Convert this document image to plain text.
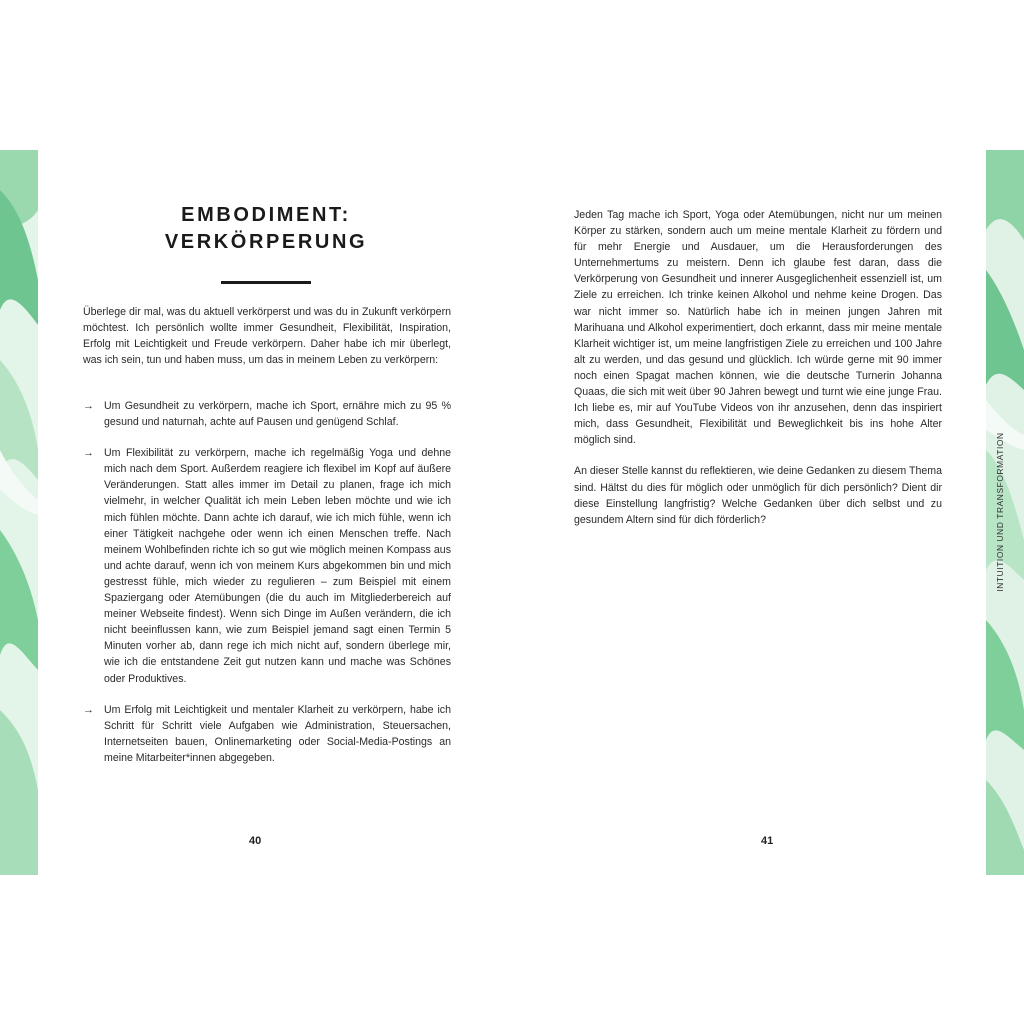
EMBODIMENT:
VERKÖRPERUNG

Überlege dir mal, was du aktuell verkörperst und was du in Zukunft verkörpern möchtest. Ich persönlich wollte immer Gesundheit, Flexibilität, Inspiration, Erfolg mit Leichtigkeit und Freude verkörpern. Daher habe ich mir überlegt, was ich sein, tun und haben muss, um das in meinem Leben zu verkörpern:

→ Um Gesundheit zu verkörpern, mache ich Sport, ernähre mich zu 95 % gesund und naturnah, achte auf Pausen und genügend Schlaf.
→ Um Flexibilität zu verkörpern, mache ich regelmäßig Yoga und dehne mich nach dem Sport. Außerdem reagiere ich flexibel im Kopf auf äußere Veränderungen. Statt alles immer im Detail zu planen, frage ich mich vielmehr, in welcher Qualität ich mein Leben leben möchte und wie ich mich fühlen möchte. Dann achte ich darauf, wie ich mich fühle, wenn ich einer Tätigkeit nachgehe oder wenn ich einen Menschen treffe. Nach meinem Wohlbefinden richte ich so gut wie möglich meinen Kompass aus und achte darauf, wenn ich von meinem Kurs abgekommen bin und mich gestresst fühle, mich wieder zu regulieren – zum Beispiel mit einem Spaziergang oder Atemübungen (die du auch im Mitgliederbereich auf meiner Webseite findest). Wenn sich Dinge im Außen verändern, die ich nicht beeinflussen kann, wie zum Beispiel jemand sagt einen Termin 5 Minuten vorher ab, dann rege ich mich nicht auf, sondern überlege mir, wie ich die entstandene Zeit gut nutzen kann und mache was Schönes oder Produktives.
→ Um Erfolg mit Leichtigkeit und mentaler Klarheit zu verkörpern, habe ich Schritt für Schritt viele Aufgaben wie Administration, Steuersachen, Internetseiten bauen, Onlinemarketing oder Social-Media-Postings an meine Mitarbeiter*innen abgegeben.
40

Jeden Tag mache ich Sport, Yoga oder Atemübungen, nicht nur um meinen Körper zu stärken, sondern auch um meine mentale Klarheit zu fördern und für mehr Energie und Ausdauer, um die Herausforderungen des Unternehmertums zu meistern. Denn ich glaube fest daran, dass die Verkörperung von Gesundheit und innerer Ausgeglichenheit essenziell ist, um Ziele zu erreichen. Ich trinke keinen Alkohol und nehme keine Drogen. Das war nicht immer so. Natürlich habe ich in meinen jungen Jahren mit Marihuana und Alkohol experimentiert, doch erkannt, dass mir meine mentale Klarheit wichtiger ist, um meine langfristigen Ziele zu erreichen und 100 Jahre alt zu werden, und das gesund und glücklich. Ich würde gerne mit 90 immer noch einen Spagat machen können, wie die deutsche Turnerin Johanna Quaas, die sich mit weit über 90 Jahren bewegt und turnt wie eine junge Frau. Ich liebe es, mir auf YouTube Videos von ihr anzusehen, denn das inspiriert mich, dass Gesundheit, Flexibilität und Beweglichkeit bis ins hohe Alter möglich sind.

An dieser Stelle kannst du reflektieren, wie deine Gedanken zu diesem Thema sind. Hältst du dies für möglich oder unmöglich für dich persönlich? Dient dir diese Einstellung langfristig? Welche Gedanken über dich selbst und zu gesundem Altern sind für dich förderlich?

41
INTUITION UND TRANSFORMATION
